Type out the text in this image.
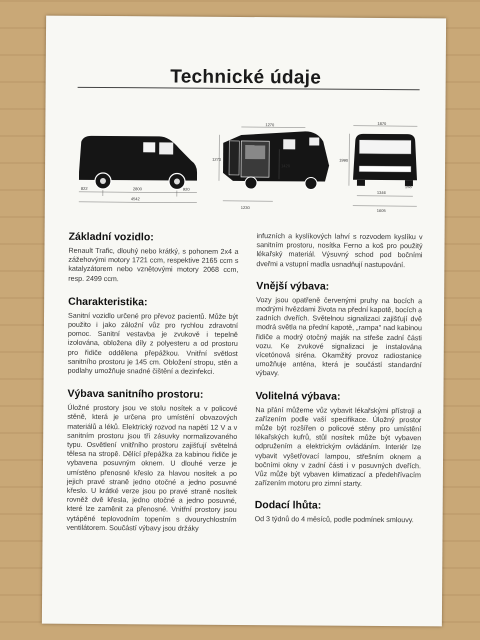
Technické údaje
822	2800	920
4542
1270
1230
1273
1420
1870
1990
1346
1605
158
Základní vozidlo:

Renault Trafic, dlouhý nebo krátký, s pohonem 2x4 a zážehovými motory 1721 ccm, respektive 2165 ccm s katalyzátorem nebo vznětovými motory 2068 ccm, resp. 2499 ccm.

Charakteristika:

Sanitní vozidlo určené pro převoz pacientů. Může být použito i jako záloźní vůz pro rychlou zdravotní pomoc. Sanitní vestavba je zvukově i tepelně izolována, obložena díly z polyesteru a od prostoru pro řidiče oddělena přepážkou. Vnitřní světlost sanitního prostoru je 145 cm. Obložení stropu, stěn a podlahy umožňuje snadné čištění a dezinfekci.

Výbava sanitního prostoru:

Úložné prostory jsou ve stolu nosítek a v policové stěně, která je určena pro umístění obvazových materiálů a léků. Elektrický rozvod na napětí 12 V a v sanitním prostoru jsou tři zásuvky normalizovaného typu. Osvětlení vnitřního prostoru zajišťují světelná tělesa na stropě. Dělící přepážka za kabinou řidiče je vybavena posuvným oknem. U dlouhé verze je umístěno přenosné křeslo za hlavou nosítek a po jejich pravé straně jedno otočné a jedno posuvné křeslo. U krátké verze jsou po pravé straně nosítek rovněž dvě křesla, jedno otočné a jedno posuvné, které lze zaměnit za přenosné. Vnitřní prostory jsou vytápěné teplovodním topením s dvourychlostním ventilátorem. Součástí výbavy jsou držáky

infuzních a kyslíkových lahví s rozvodem kyslíku v sanitním prostoru, nosítka Ferno a koš pro použitý lékařský materiál. Výsuvný schod pod bočními dveřmi a vstupní madla usnadňují nastupování.

Vnější výbava:

Vozy jsou opatřeně červenými pruhy na bocích a modrými hvězdami života na přední kapotě, bocích a zadních dveřích. Světelnou signalizaci zajišťují dvě modrá světla na přední kapotě, „rampa" nad kabinou řidiče a modrý otočný maják na střeše zadní části vozu. Ke zvukové signalizaci je instalována vícetónová siréna. Okamžitý provoz radiostanice umožňuje anténa, která je součástí standardní výbavy.

Volitelná výbava:

Na přání můžeme vůz vybavit lékařskými přístroji a zařízením podle vaší specifikace. Úložný prostor může být rozšířen o policové stěny pro umístění lékařských kufrů, stůl nosítek může být vybaven odpružením a elektrickým ovládáním. Interiér lze vybavit vyšetřovací lampou, střešním oknem a bočními okny v zadní části i v posuvných dveřích. Vůz může být vybaven klimatizací a předehřívacím zařízením motoru pro zimní starty.

Dodací lhůta:

Od 3 týdnů do 4 měsíců, podle podmínek smlouvy.
